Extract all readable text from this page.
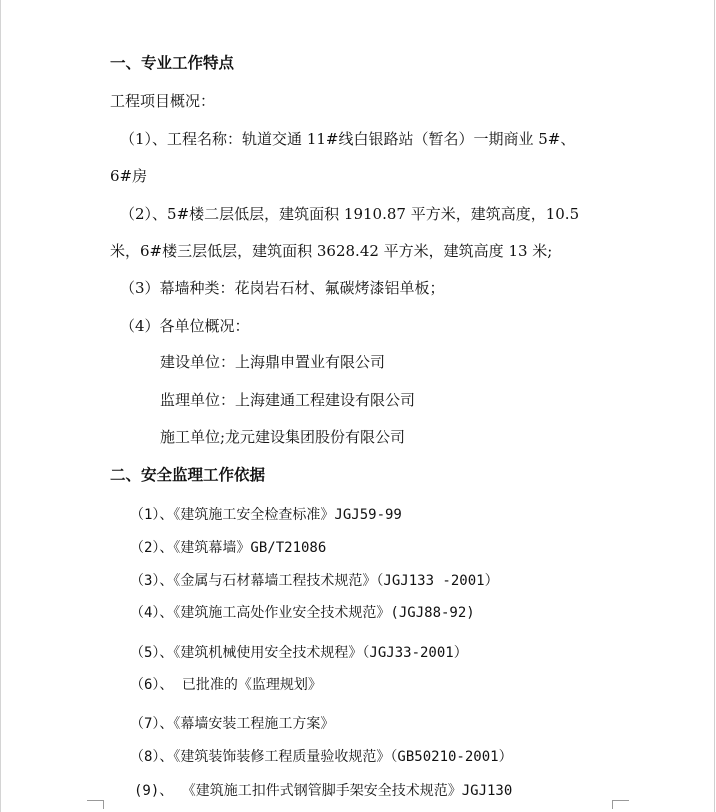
一、专业工作特点
工程项目概况：
（1）、工程名称：轨道交通 11#线白银路站（暂名）一期商业 5#、
6#房
（2）、5#楼二层低层，建筑面积 1910.87 平方米，建筑高度，10.5
米，6#楼三层低层，建筑面积 3628.42 平方米，建筑高度 13 米;
（3）幕墙种类：花岗岩石材、氟碳烤漆铝单板；
（4）各单位概况：
建设单位：上海鼎申置业有限公司
监理单位：上海建通工程建设有限公司
施工单位;龙元建设集团股份有限公司
二、安全监理工作依据
（1）、《建筑施工安全检查标准》JGJ59-99
（2）、《建筑幕墙》GB/T21086
（3）、《金属与石材幕墙工程技术规范》（JGJ133 -2001）
（4）、《建筑施工高处作业安全技术规范》(JGJ88-92)
（5）、《建筑机械使用安全技术规程》（JGJ33-2001）
（6）、 已批准的《监理规划》
（7）、《幕墙安装工程施工方案》
（8）、《建筑装饰装修工程质量验收规范》（GB50210-2001）
(9)、 《建筑施工扣件式钢管脚手架安全技术规范》JGJ130
